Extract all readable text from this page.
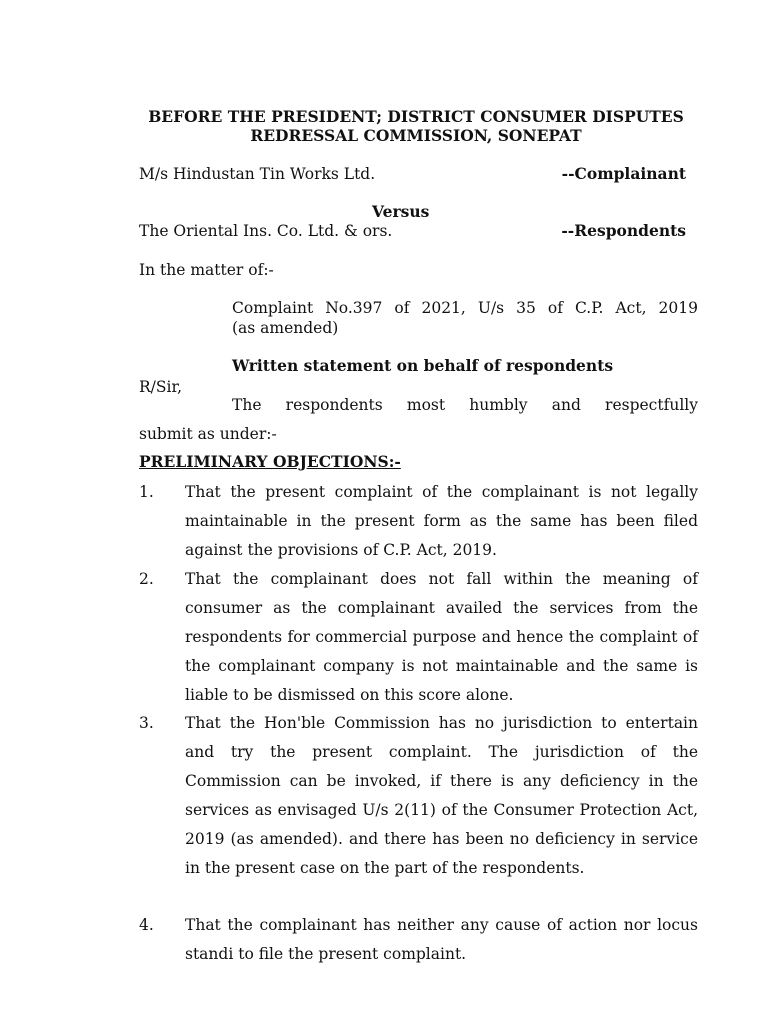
BEFORE THE PRESIDENT; DISTRICT CONSUMER DISPUTES
REDRESSAL COMMISSION, SONEPAT
M/s Hindustan Tin Works Ltd.	--Complainant
Versus
The Oriental Ins. Co. Ltd. & ors.	--Respondents
In the matter of:-
Complaint No.397 of 2021, U/s 35 of C.P. Act, 2019
(as amended)
Written statement on behalf of respondents
R/Sir,
The respondents most humbly and respectfully
submit as under:-
PRELIMINARY OBJECTIONS:-
1. That the present complaint of the complainant is not legally maintainable in the present form as the same has been filed against the provisions of C.P. Act, 2019.
2. That the complainant does not fall within the meaning of consumer as the complainant availed the services from the respondents for commercial purpose and hence the complaint of the complainant company is not maintainable and the same is liable to be dismissed on this score alone.
3. That the Hon'ble Commission has no jurisdiction to entertain and try the present complaint. The jurisdiction of the Commission can be invoked, if there is any deficiency in the services as envisaged U/s 2(11) of the Consumer Protection Act, 2019 (as amended). and there has been no deficiency in service in the present case on the part of the respondents.
4. That the complainant has neither any cause of action nor locus standi to file the present complaint.
